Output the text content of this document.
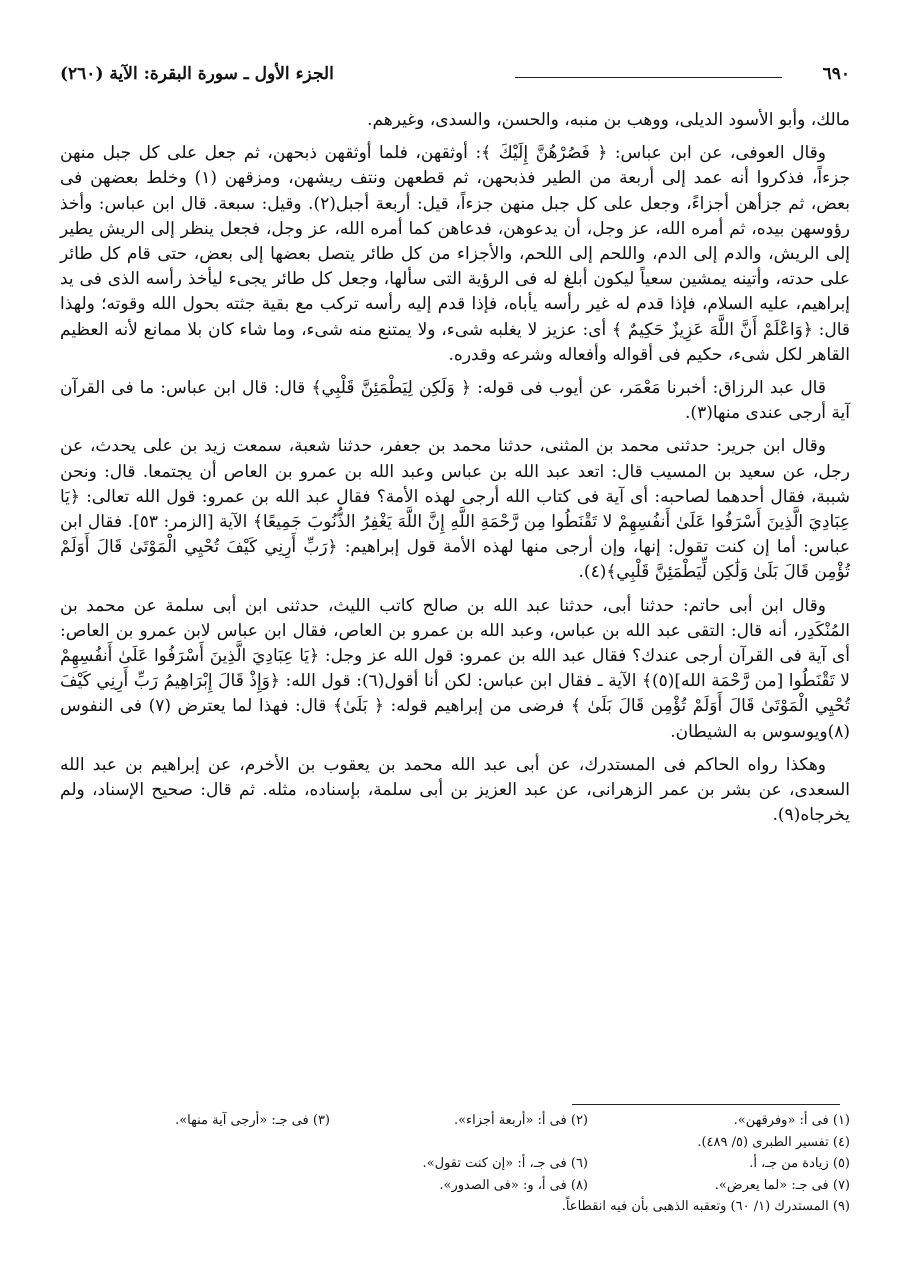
٦٩٠
الجزء الأول ـ سورة البقرة: الآية (٢٦٠)

مالك، وأبو الأسود الديلى، ووهب بن منبه، والحسن، والسدى، وغيرهم.

وقال العوفى، عن ابن عباس: ﴿ فَصُرْهُنَّ إِلَيْكَ ﴾: أوثقهن، فلما أوثقهن ذبحهن، ثم جعل على كل جبل منهن جزءاً، فذكروا أنه عمد إلى أربعة من الطير فذبحهن، ثم قطعهن ونتف ريشهن، ومزقهن (١) وخلط بعضهن فى بعض، ثم جزأهن أجزاءً، وجعل على كل جبل منهن جزءاً، قيل: أربعة أجبل(٢). وقيل: سبعة. قال ابن عباس: وأخذ رؤوسهن بيده، ثم أمره الله، عز وجل، أن يدعوهن، فدعاهن كما أمره الله، عز وجل، فجعل ينظر إلى الريش يطير إلى الريش، والدم إلى الدم، واللحم إلى اللحم، والأجزاء من كل طائر يتصل بعضها إلى بعض، حتى قام كل طائر على حدته، وأتينه يمشين سعياً ليكون أبلغ له فى الرؤية التى سألها، وجعل كل طائر يجىء ليأخذ رأسه الذى فى يد إبراهيم، عليه السلام، فإذا قدم له غير رأسه يأباه، فإذا قدم إليه رأسه تركب مع بقية جثته بحول الله وقوته؛ ولهذا قال: ﴿وَاعْلَمْ أَنَّ اللَّهَ عَزِيزٌ حَكِيمٌ ﴾ أى: عزيز لا يغلبه شىء، ولا يمتنع منه شىء، وما شاء كان بلا ممانع لأنه العظيم القاهر لكل شىء، حكيم فى أقواله وأفعاله وشرعه وقدره.

قال عبد الرزاق: أخبرنا مَعْمَر، عن أيوب فى قوله: ﴿ وَلَكِن لِيَطْمَئِنَّ قَلْبِي﴾ قال: قال ابن عباس: ما فى القرآن آية أرجى عندى منها(٣).

وقال ابن جرير: حدثنى محمد بن المثنى، حدثنا محمد بن جعفر، حدثنا شعبة، سمعت زيد بن على يحدث، عن رجل، عن سعيد بن المسيب قال: اتعد عبد الله بن عباس وعبد الله بن عمرو بن العاص أن يجتمعا. قال: ونحن شببة، فقال أحدهما لصاحبه: أى آية فى كتاب الله أرجى لهذه الأمة؟ فقال عبد الله بن عمرو: قول الله تعالى: ﴿يَا عِبَادِيَ الَّذِينَ أَسْرَفُوا عَلَىٰ أَنفُسِهِمْ لا تَقْنَطُوا مِن رَّحْمَةِ اللَّهِ إِنَّ اللَّهَ يَغْفِرُ الذُّنُوبَ جَمِيعًا﴾ الآية [الزمر: ٥٣]. فقال ابن عباس: أما إن كنت تقول: إنها، وإن أرجى منها لهذه الأمة قول إبراهيم: ﴿رَبِّ أَرِنِي كَيْفَ تُحْيِي الْمَوْتَىٰ قَالَ أَوَلَمْ تُؤْمِن قَالَ بَلَىٰ وَلَٰكِن لِّيَطْمَئِنَّ قَلْبِي﴾(٤).

وقال ابن أبى حاتم: حدثنا أبى، حدثنا عبد الله بن صالح كاتب الليث، حدثنى ابن أبى سلمة عن محمد بن المُنْكَدِر، أنه قال: التقى عبد الله بن عباس، وعبد الله بن عمرو بن العاص، فقال ابن عباس لابن عمرو بن العاص: أى آية فى القرآن أرجى عندك؟ فقال عبد الله بن عمرو: قول الله عز وجل: ﴿يَا عِبَادِيَ الَّذِينَ أَسْرَفُوا عَلَىٰ أَنفُسِهِمْ لا تَقْنَطُوا [من رَّحْمَة الله](٥)﴾ الآية ـ فقال ابن عباس: لكن أنا أقول(٦): قول الله: ﴿وَإِذْ قَالَ إِبْرَاهِيمُ رَبِّ أَرِنِي كَيْفَ تُحْيِي الْمَوْتَىٰ قَالَ أَوَلَمْ تُؤْمِن قَالَ بَلَىٰ ﴾ فرضى من إبراهيم قوله: ﴿ بَلَىٰ﴾ قال: فهذا لما يعترض (٧) فى النفوس (٨)ويوسوس به الشيطان.

وهكذا رواه الحاكم فى المستدرك، عن أبى عبد الله محمد بن يعقوب بن الأخرم، عن إبراهيم بن عبد الله السعدى، عن بشر بن عمر الزهرانى، عن عبد العزيز بن أبى سلمة، بإسناده، مثله. ثم قال: صحيح الإسناد، ولم يخرجاه(٩).

(١) فى أ: «وفرقهن».
(٢) فى أ: «أربعة أجزاء».
(٣) فى جـ: «أرجى آية منها».
(٤) تفسير الطبرى (٥/ ٤٨٩).
(٥) زيادة من جـ، أ.
(٦) فى جـ، أ: «إن كنت تقول».
(٧) فى جـ: «لما يعرض».
(٨) فى أ، و: «فى الصدور».
(٩) المستدرك (١/ ٦٠) وتعقبه الذهبى بأن فيه انقطاعاً.
